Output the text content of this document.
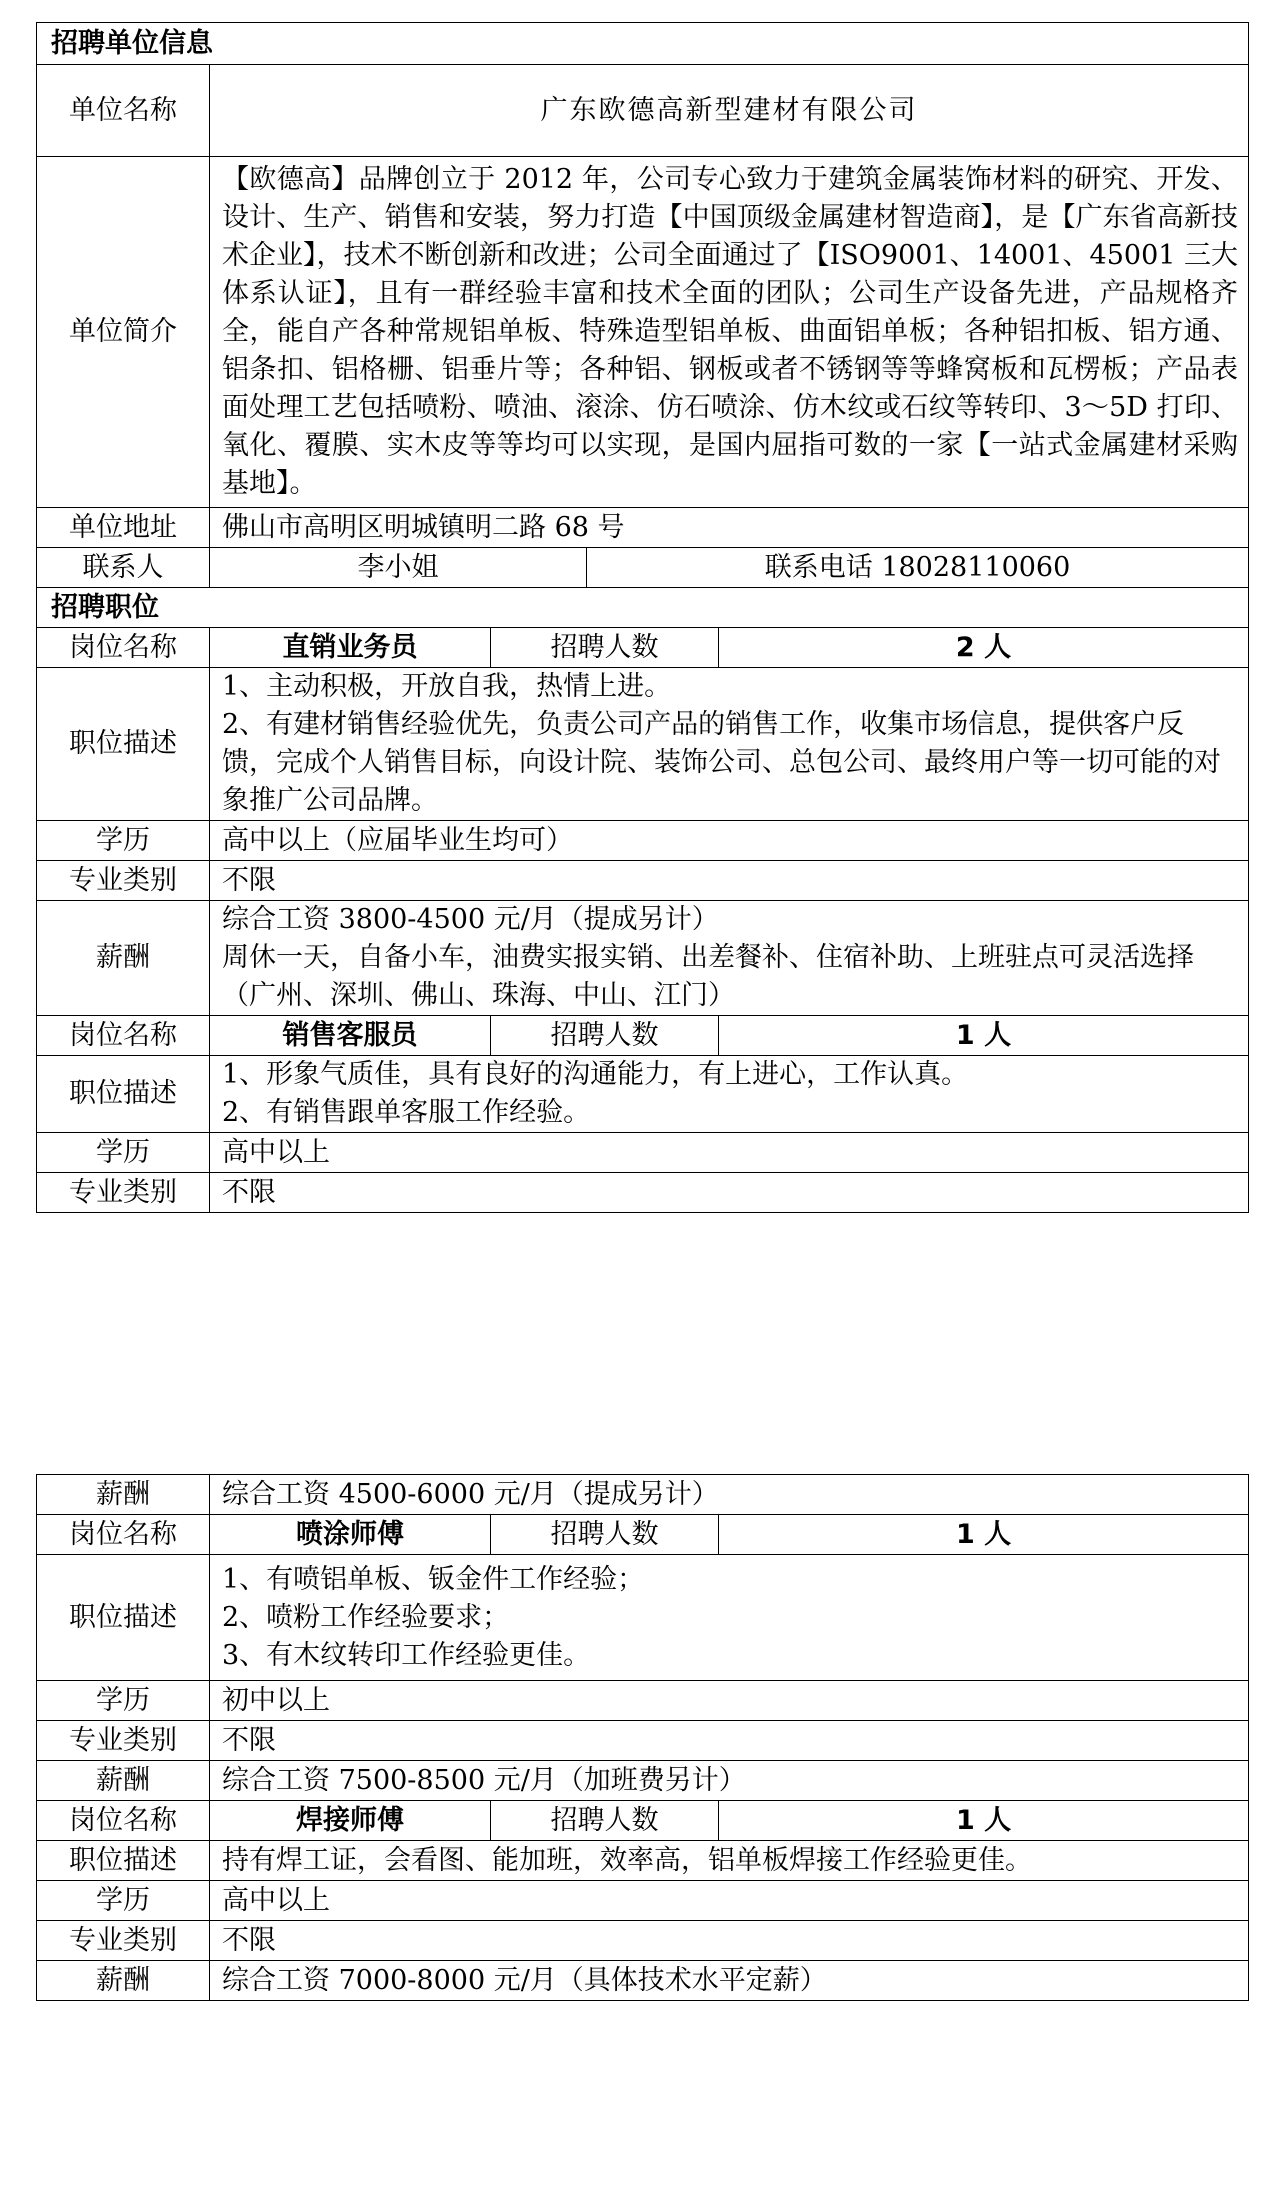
招聘单位信息				
单位名称	广东欧德高新型建材有限公司			
单位简介	【欧德高】品牌创立于 2012 年，公司专心致力于建筑金属装饰材料的研究、开发、设计、生产、销售和安装，努力打造【中国顶级金属建材智造商】，是【广东省高新技术企业】，技术不断创新和改进；公司全面通过了【ISO9001、14001、45001 三大体系认证】，且有一群经验丰富和技术全面的团队；公司生产设备先进，产品规格齐全，能自产各种常规铝单板、特殊造型铝单板、曲面铝单板；各种铝扣板、铝方通、铝条扣、铝格栅、铝垂片等；各种铝、钢板或者不锈钢等等蜂窝板和瓦楞板；产品表面处理工艺包括喷粉、喷油、滚涂、仿石喷涂、仿木纹或石纹等转印、3～5D 打印、氧化、覆膜、实木皮等等均可以实现，是国内屈指可数的一家【一站式金属建材采购基地】。			
单位地址	佛山市高明区明城镇明二路 68 号			
联系人	李小姐		联系电话 18028110060	
招聘职位				
岗位名称	直销业务员	招聘人数		2 人
职位描述	1、主动积极，开放自我，热情上进。
2、有建材销售经验优先，负责公司产品的销售工作，收集市场信息，提供客户反馈，完成个人销售目标，向设计院、装饰公司、总包公司、最终用户等一切可能的对象推广公司品牌。			

学历	高中以上（应届毕业生均可）			
专业类别	不限			
薪酬	综合工资 3800-4500 元/月（提成另计）
周休一天，自备小车，油费实报实销、出差餐补、住宿补助、上班驻点可灵活选择（广州、深圳、佛山、珠海、中山、江门）			

岗位名称	销售客服员	招聘人数		1 人
职位描述	1、形象气质佳，具有良好的沟通能力，有上进心，工作认真。
2、有销售跟单客服工作经验。			

学历	高中以上			
专业类别	不限			
薪酬	综合工资 4500-6000 元/月（提成另计）		
岗位名称	喷涂师傅	招聘人数	1 人
职位描述	1、有喷铝单板、钣金件工作经验；
2、喷粉工作经验要求；
3、有木纹转印工作经验更佳。		

学历	初中以上		
专业类别	不限		
薪酬	综合工资 7500-8500 元/月（加班费另计）		
岗位名称	焊接师傅	招聘人数	1 人
职位描述	持有焊工证，会看图、能加班，效率高，铝单板焊接工作经验更佳。		
学历	高中以上		
专业类别	不限		
薪酬	综合工资 7000-8000 元/月（具体技术水平定薪）		
